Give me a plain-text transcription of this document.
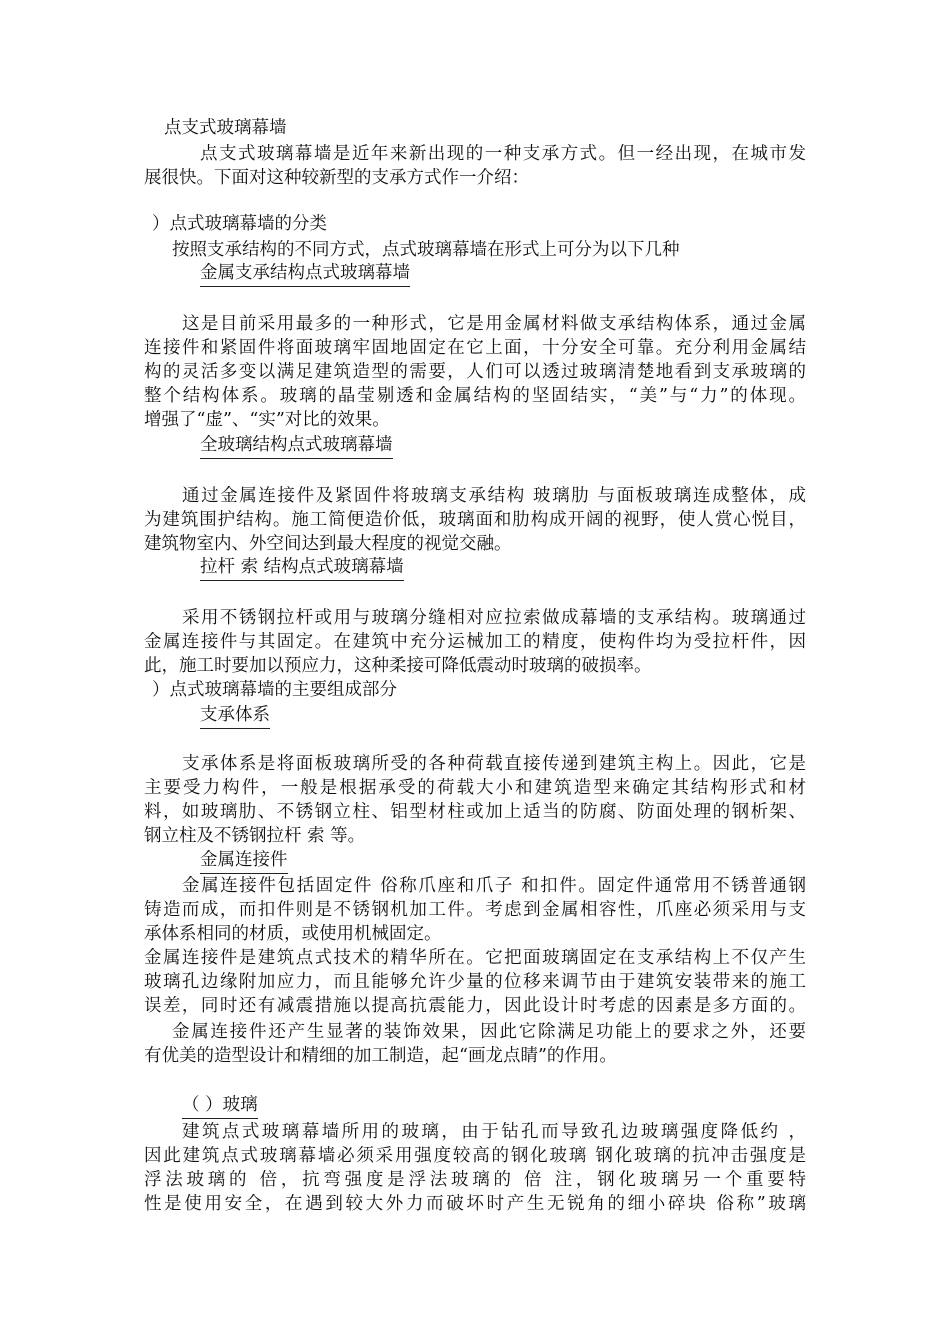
点支式玻璃幕墙
点支式玻璃幕墙是近年来新出现的一种支承方式。但一经出现，在城市发
展很快。下面对这种较新型的支承方式作一介绍：
）点式玻璃幕墙的分类
按照支承结构的不同方式，点式玻璃幕墙在形式上可分为以下几种
金属支承结构点式玻璃幕墙
这是目前采用最多的一种形式，它是用金属材料做支承结构体系，通过金属
连接件和紧固件将面玻璃牢固地固定在它上面，十分安全可靠。充分利用金属结
构的灵活多变以满足建筑造型的需要，人们可以透过玻璃清楚地看到支承玻璃的
整个结构体系。玻璃的晶莹剔透和金属结构的坚固结实，“美”与“力”的体现。
增强了“虚”、“实”对比的效果。
全玻璃结构点式玻璃幕墙
通过金属连接件及紧固件将玻璃支承结构 玻璃肋 与面板玻璃连成整体，成
为建筑围护结构。施工简便造价低，玻璃面和肋构成开阔的视野，使人赏心悦目，
建筑物室内、外空间达到最大程度的视觉交融。
拉杆 索 结构点式玻璃幕墙
采用不锈钢拉杆或用与玻璃分缝相对应拉索做成幕墙的支承结构。玻璃通过
金属连接件与其固定。在建筑中充分运械加工的精度，使构件均为受拉杆件，因
此，施工时要加以预应力，这种柔接可降低震动时玻璃的破损率。
）点式玻璃幕墙的主要组成部分
支承体系
支承体系是将面板玻璃所受的各种荷载直接传递到建筑主构上。因此，它是
主要受力构件，一般是根据承受的荷载大小和建筑造型来确定其结构形式和材
料，如玻璃肋、不锈钢立柱、铝型材柱或加上适当的防腐、防面处理的钢析架、
钢立柱及不锈钢拉杆 索 等。
金属连接件
金属连接件包括固定件 俗称爪座和爪子 和扣件。固定件通常用不锈普通钢
铸造而成，而扣件则是不锈钢机加工件。考虑到金属相容性，爪座必须采用与支
承体系相同的材质，或使用机械固定。
金属连接件是建筑点式技术的精华所在。它把面玻璃固定在支承结构上不仅产生
玻璃孔边缘附加应力，而且能够允许少量的位移来调节由于建筑安装带来的施工
误差，同时还有减震措施以提高抗震能力，因此设计时考虑的因素是多方面的。
金属连接件还产生显著的装饰效果，因此它除满足功能上的要求之外，还要
有优美的造型设计和精细的加工制造，起“画龙点睛”的作用。
（ ）玻璃
建筑点式玻璃幕墙所用的玻璃，由于钻孔而导致孔边玻璃强度降低约 ，
因此建筑点式玻璃幕墙必须采用强度较高的钢化玻璃 钢化玻璃的抗冲击强度是
浮法玻璃的 倍，抗弯强度是浮法玻璃的 倍 注，钢化玻璃另一个重要特
性是使用安全，在遇到较大外力而破坏时产生无锐角的细小碎块 俗称”玻璃
